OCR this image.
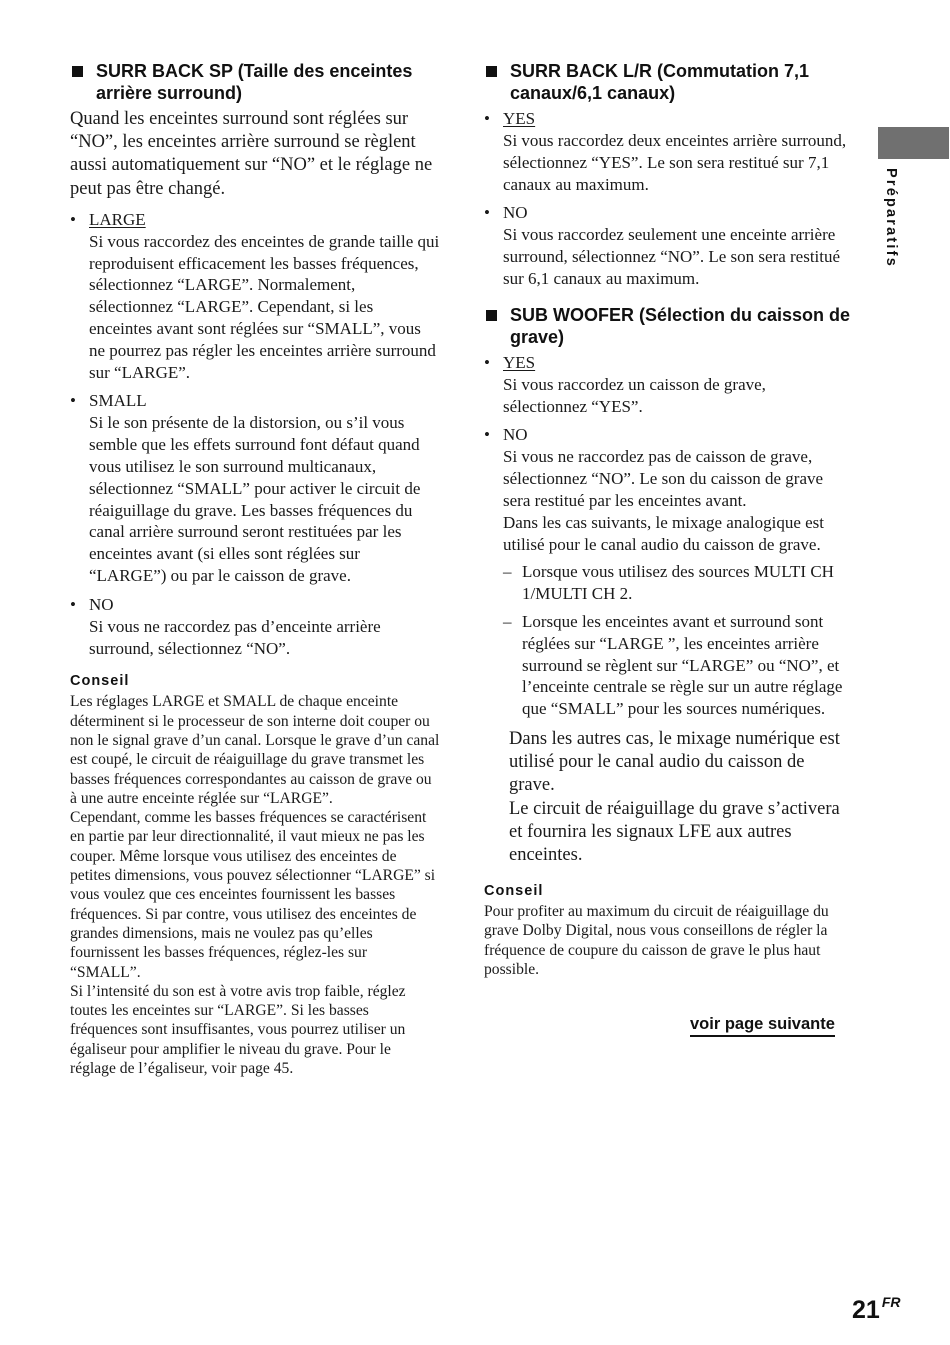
Préparatifs
SURR BACK SP (Taille des enceintes arrière surround)

Quand les enceintes surround sont réglées sur “NO”, les enceintes arrière surround se règlent aussi automatiquement sur “NO” et le réglage ne peut pas être changé.

• LARGE
Si vous raccordez des enceintes de grande taille qui reproduisent efficacement les basses fréquences, sélectionnez “LARGE”. Normalement, sélectionnez “LARGE”. Cependant, si les enceintes avant sont réglées sur “SMALL”, vous ne pourrez pas régler les enceintes arrière surround sur “LARGE”.
• SMALL
Si le son présente de la distorsion, ou s’il vous semble que les effets surround font défaut quand vous utilisez le son surround multicanaux, sélectionnez “SMALL” pour activer le circuit de réaiguillage du grave. Les basses fréquences du canal arrière surround seront restituées par les enceintes avant (si elles sont réglées sur “LARGE”) ou par le caisson de grave.
• NO
Si vous ne raccordez pas d’enceinte arrière surround, sélectionnez “NO”.
Conseil

Les réglages LARGE et SMALL de chaque enceinte déterminent si le processeur de son interne doit couper ou non le signal grave d’un canal. Lorsque le grave d’un canal est coupé, le circuit de réaiguillage du grave transmet les basses fréquences correspondantes au caisson de grave ou à une autre enceinte réglée sur “LARGE”.

Cependant, comme les basses fréquences se caractérisent en partie par leur directionnalité, il vaut mieux ne pas les couper. Même lorsque vous utilisez des enceintes de petites dimensions, vous pouvez sélectionner “LARGE” si vous voulez que ces enceintes fournissent les basses fréquences. Si par contre, vous utilisez des enceintes de grandes dimensions, mais ne voulez pas qu’elles fournissent les basses fréquences, réglez-les sur “SMALL”.

Si l’intensité du son est à votre avis trop faible, réglez toutes les enceintes sur “LARGE”. Si les basses fréquences sont insuffisantes, vous pourrez utiliser un égaliseur pour amplifier le niveau du grave. Pour le réglage de l’égaliseur, voir page 45.

SURR BACK L/R (Commutation 7,1 canaux/6,1 canaux)
• YES
Si vous raccordez deux enceintes arrière surround, sélectionnez “YES”. Le son sera restitué sur 7,1 canaux au maximum.
• NO
Si vous raccordez seulement une enceinte arrière surround, sélectionnez “NO”. Le son sera restitué sur 6,1 canaux au maximum.
SUB WOOFER (Sélection du caisson de grave)
• YES
Si vous raccordez un caisson de grave, sélectionnez “YES”.
• NO
Si vous ne raccordez pas de caisson de grave, sélectionnez “NO”. Le son du caisson de grave sera restitué par les enceintes avant.
Dans les cas suivants, le mixage analogique est utilisé pour le canal audio du caisson de grave.
– Lorsque vous utilisez des sources MULTI CH 1/MULTI CH 2.
– Lorsque les enceintes avant et surround sont réglées sur “LARGE ”, les enceintes arrière surround se règlent sur “LARGE” ou “NO”, et l’enceinte centrale se règle sur un autre réglage que “SMALL” pour les sources numériques.
Dans les autres cas, le mixage numérique est utilisé pour le canal audio du caisson de grave.
Le circuit de réaiguillage du grave s’activera et fournira les signaux LFE aux autres enceintes.
Conseil

Pour profiter au maximum du circuit de réaiguillage du grave Dolby Digital, nous vous conseillons de régler la fréquence de coupure du caisson de grave le plus haut possible.

voir page suivante
21 $^{FR}$
